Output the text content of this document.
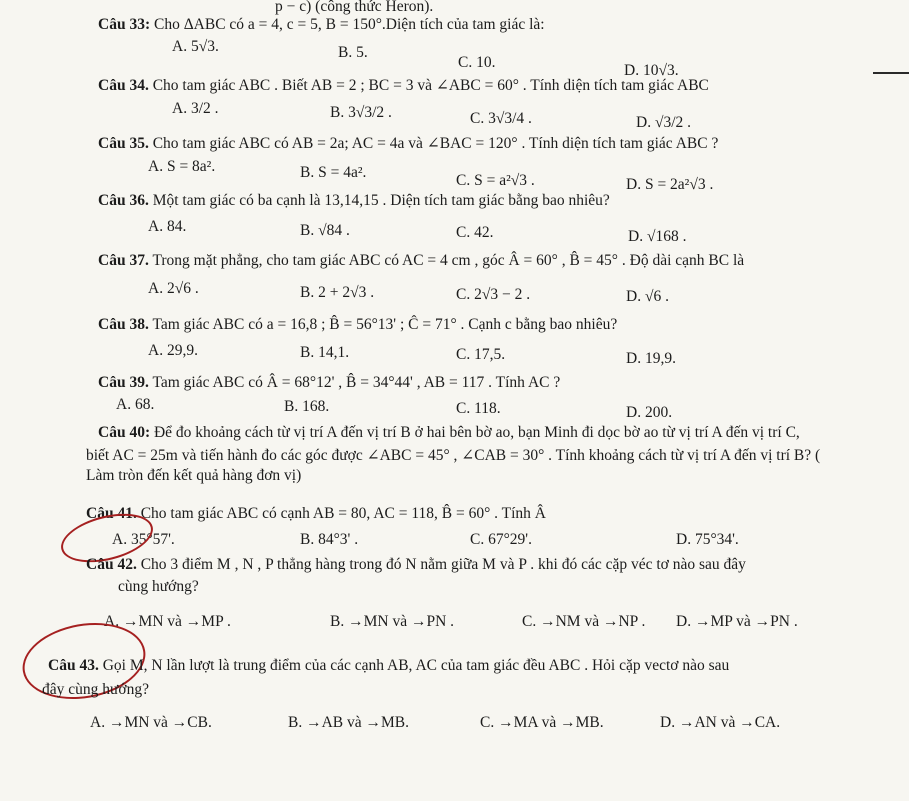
p − c) (công thức Heron).
Câu 33: Cho ΔABC có a = 4, c = 5, B = 150°.Diện tích của tam giác là:
A. 5√3.	B. 5.
C. 10.	D. 10√3.
Câu 34. Cho tam giác ABC . Biết AB = 2 ; BC = 3 và ∠ABC = 60° . Tính diện tích tam giác ABC
A. 3/2 .	B. 3√3/2 .	C. 3√3/4 .	D. √3/2 .
Câu 35. Cho tam giác ABC có AB = 2a; AC = 4a và ∠BAC = 120° . Tính diện tích tam giác ABC ?
A. S = 8a².	B. S = 4a².	C. S = a²√3 .	D. S = 2a²√3 .
Câu 36. Một tam giác có ba cạnh là 13,14,15 . Diện tích tam giác bằng bao nhiêu?
A. 84.	B. √84 .	C. 42.	D. √168 .
Câu 37. Trong mặt phẳng, cho tam giác ABC có AC = 4 cm , góc Â = 60° , B̂ = 45° . Độ dài cạnh BC là
A. 2√6 .	B. 2 + 2√3 .	C. 2√3 − 2 .	D. √6 .
Câu 38. Tam giác ABC có a = 16,8 ; B̂ = 56°13' ; Ĉ = 71° . Cạnh c bằng bao nhiêu?
A. 29,9.	B. 14,1.	C. 17,5.	D. 19,9.
Câu 39. Tam giác ABC có Â = 68°12' , B̂ = 34°44' , AB = 117 . Tính AC ?
A. 68.	B. 168.	C. 118.	D. 200.
Câu 40: Để đo khoảng cách từ vị trí A đến vị trí B ở hai bên bờ ao, bạn Minh đi dọc bờ ao từ vị trí A đến vị trí C,
biết AC = 25m và tiến hành đo các góc được ∠ABC = 45° , ∠CAB = 30° . Tính khoảng cách từ vị trí A đến vị trí B? (
Làm tròn đến kết quả hàng đơn vị)
Câu 41. Cho tam giác ABC có cạnh AB = 80, AC = 118, B̂ = 60° . Tính Â
A. 35°57'.	B. 84°3' .	C. 67°29'.	D. 75°34'.
Câu 42. Cho 3 điểm M , N , P thẳng hàng trong đó N nằm giữa M và P . khi đó các cặp véc tơ nào sau đây
cùng hướng?
A. →MN và →MP .	B. →MN và →PN .	C. →NM và →NP . D. →MP và →PN .
Câu 43. Gọi M, N lần lượt là trung điểm của các cạnh AB, AC của tam giác đều ABC . Hỏi cặp vectơ nào sau
đây cùng hướng?
A. →MN và →CB.	B. →AB và →MB.	C. →MA và →MB.	D. →AN và →CA.
